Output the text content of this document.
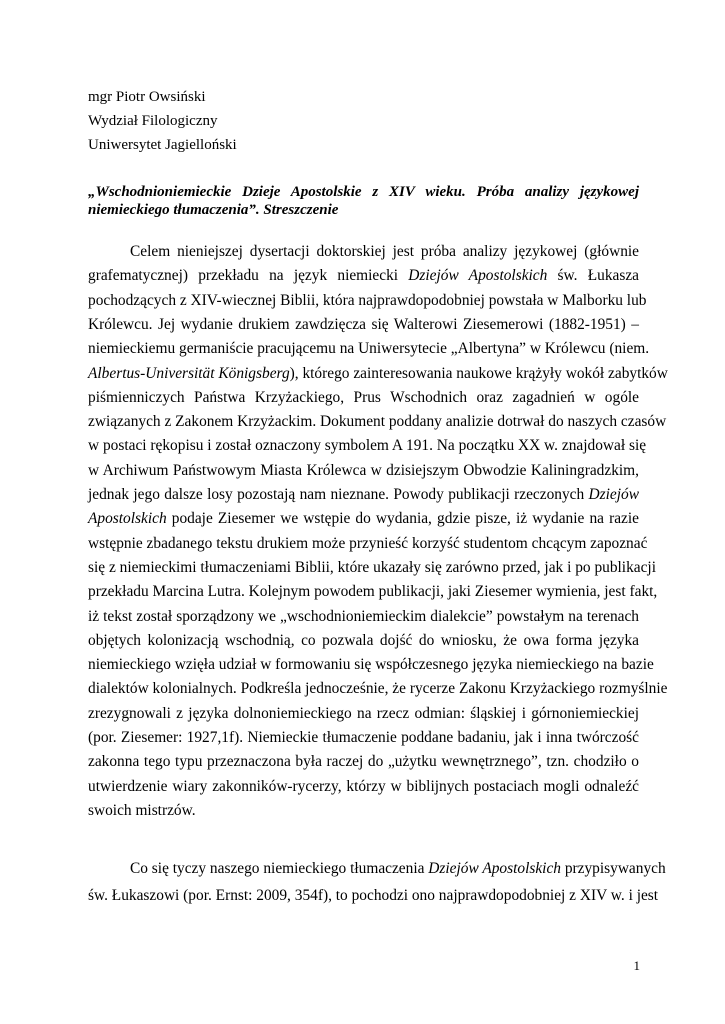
mgr Piotr Owsiński
Wydział Filologiczny
Uniwersytet Jagielloński
„Wschodnioniemieckie Dzieje Apostolskie z XIV wieku. Próba analizy językowej niemieckiego tłumaczenia”. Streszczenie
Celem nieniejszej dysertacji doktorskiej jest próba analizy językowej (głównie
grafematycznej) przekładu na język niemiecki Dziejów Apostolskich św. Łukasza
pochodzących z XIV-wiecznej Biblii, która najprawdopodobniej powstała w Malborku lub
Królewcu. Jej wydanie drukiem zawdzięcza się Walterowi Ziesemerowi (1882-1951) –
niemieckiemu germaniście pracującemu na Uniwersytecie „Albertyna” w Królewcu (niem.
Albertus-Universität Königsberg), którego zainteresowania naukowe krążyły wokół zabytków
piśmienniczych Państwa Krzyżackiego, Prus Wschodnich oraz zagadnień w ogóle
związanych z Zakonem Krzyżackim. Dokument poddany analizie dotrwał do naszych czasów
w postaci rękopisu i został oznaczony symbolem A 191. Na początku XX w. znajdował się
w Archiwum Państwowym Miasta Królewca w dzisiejszym Obwodzie Kaliningradzkim,
jednak jego dalsze losy pozostają nam nieznane. Powody publikacji rzeczonych Dziejów
Apostolskich podaje Ziesemer we wstępie do wydania, gdzie pisze, iż wydanie na razie
wstępnie zbadanego tekstu drukiem może przynieść korzyść studentom chcącym zapoznać
się z niemieckimi tłumaczeniami Biblii, które ukazały się zarówno przed, jak i po publikacji
przekładu Marcina Lutra. Kolejnym powodem publikacji, jaki Ziesemer wymienia, jest fakt,
iż tekst został sporządzony we „wschodnioniemieckim dialekcie” powstałym na terenach
objętych kolonizacją wschodnią, co pozwala dojść do wniosku, że owa forma języka
niemieckiego wzięła udział w formowaniu się współczesnego języka niemieckiego na bazie
dialektów kolonialnych. Podkreśla jednocześnie, że rycerze Zakonu Krzyżackiego rozmyślnie
zrezygnowali z języka dolnoniemieckiego na rzecz odmian: śląskiej i górnoniemieckiej
(por. Ziesemer: 1927,1f). Niemieckie tłumaczenie poddane badaniu, jak i inna twórczość
zakonna tego typu przeznaczona była raczej do „użytku wewnętrznego”, tzn. chodziło o
utwierdzenie wiary zakonników-rycerzy, którzy w biblijnych postaciach mogli odnaleźć
swoich mistrzów.
Co się tyczy naszego niemieckiego tłumaczenia Dziejów Apostolskich przypisywanych
św. Łukaszowi (por. Ernst: 2009, 354f), to pochodzi ono najprawdopodobniej z XIV w. i jest
1
